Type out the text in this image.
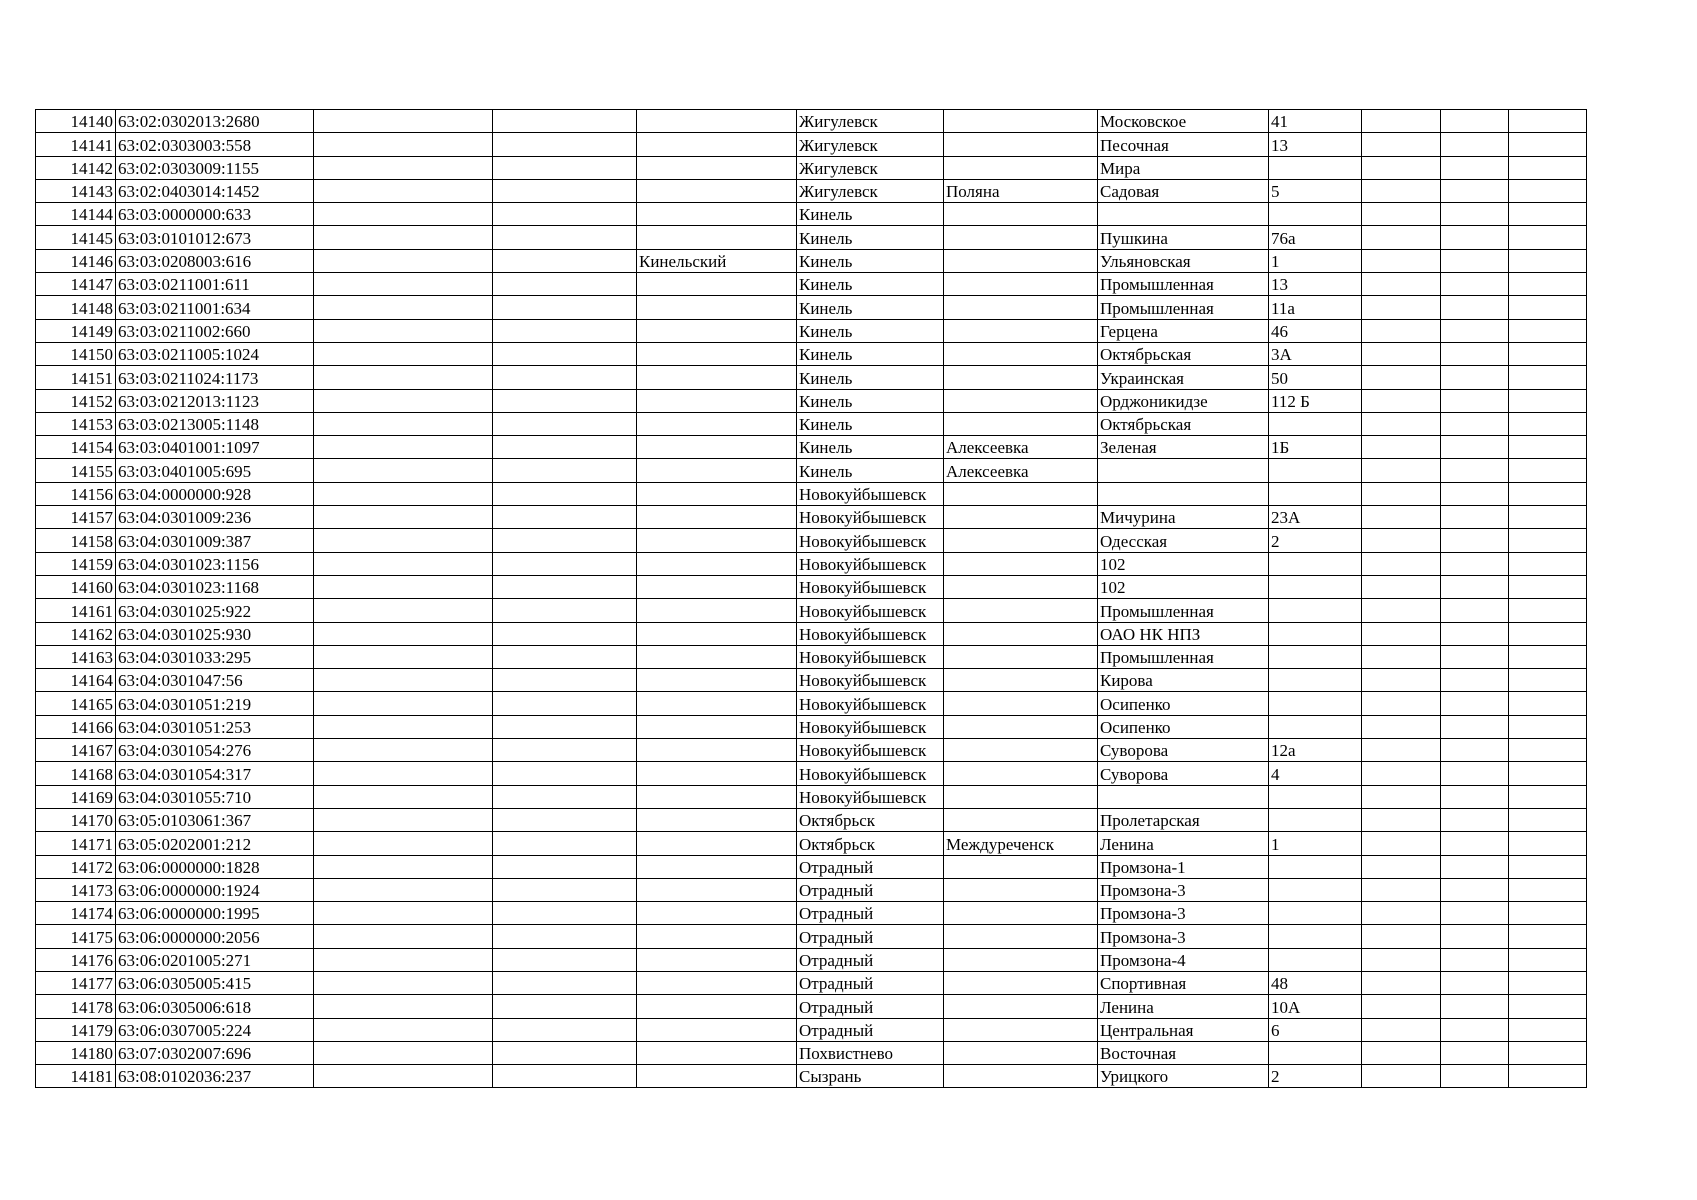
14140	63:02:0302013:2680				Жигулевск		Московское	41			
14141	63:02:0303003:558				Жигулевск		Песочная	13			
14142	63:02:0303009:1155				Жигулевск		Мира				
14143	63:02:0403014:1452				Жигулевск	Поляна	Садовая	5			
14144	63:03:0000000:633				Кинель						
14145	63:03:0101012:673				Кинель		Пушкина	76а			
14146	63:03:0208003:616			Кинельский	Кинель		Ульяновская	1			
14147	63:03:0211001:611				Кинель		Промышленная	13			
14148	63:03:0211001:634				Кинель		Промышленная	11а			
14149	63:03:0211002:660				Кинель		Герцена	46			
14150	63:03:0211005:1024				Кинель		Октябрьская	3А			
14151	63:03:0211024:1173				Кинель		Украинская	50			
14152	63:03:0212013:1123				Кинель		Орджоникидзе	112 Б			
14153	63:03:0213005:1148				Кинель		Октябрьская				
14154	63:03:0401001:1097				Кинель	Алексеевка	Зеленая	1Б			
14155	63:03:0401005:695				Кинель	Алексеевка					
14156	63:04:0000000:928				Новокуйбышевск						
14157	63:04:0301009:236				Новокуйбышевск		Мичурина	23А			
14158	63:04:0301009:387				Новокуйбышевск		Одесская	2			
14159	63:04:0301023:1156				Новокуйбышевск		102				
14160	63:04:0301023:1168				Новокуйбышевск		102				
14161	63:04:0301025:922				Новокуйбышевск		Промышленная				
14162	63:04:0301025:930				Новокуйбышевск		ОАО НК НПЗ				
14163	63:04:0301033:295				Новокуйбышевск		Промышленная				
14164	63:04:0301047:56				Новокуйбышевск		Кирова				
14165	63:04:0301051:219				Новокуйбышевск		Осипенко				
14166	63:04:0301051:253				Новокуйбышевск		Осипенко				
14167	63:04:0301054:276				Новокуйбышевск		Суворова	12а			
14168	63:04:0301054:317				Новокуйбышевск		Суворова	4			
14169	63:04:0301055:710				Новокуйбышевск						
14170	63:05:0103061:367				Октябрьск		Пролетарская				
14171	63:05:0202001:212				Октябрьск	Междуреченск	Ленина	1			
14172	63:06:0000000:1828				Отрадный		Промзона-1				
14173	63:06:0000000:1924				Отрадный		Промзона-3				
14174	63:06:0000000:1995				Отрадный		Промзона-3				
14175	63:06:0000000:2056				Отрадный		Промзона-3				
14176	63:06:0201005:271				Отрадный		Промзона-4				
14177	63:06:0305005:415				Отрадный		Спортивная	48			
14178	63:06:0305006:618				Отрадный		Ленина	10А			
14179	63:06:0307005:224				Отрадный		Центральная	6			
14180	63:07:0302007:696				Похвистнево		Восточная				
14181	63:08:0102036:237				Сызрань		Урицкого	2			
